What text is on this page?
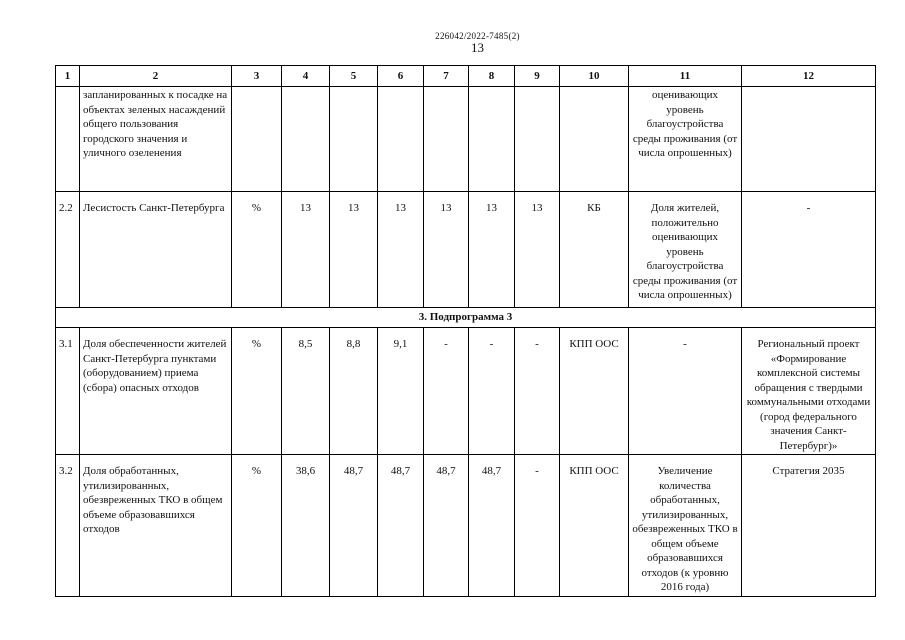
226042/2022-7485(2)
13
1	2	3	4	5	6	7	8	9	10	11	12
	запланированных к посадке на объектах зеленых насаждений общего пользования городского значения и уличного озеленения									оценивающих уровень благоустройства среды проживания (от числа опрошенных)	
2.2	Лесистость Санкт-Петербурга	%	13	13	13	13	13	13	КБ	Доля жителей, положительно оценивающих уровень благоустройства среды проживания (от числа опрошенных)	-
3. Подпрограмма 3											
3.1	Доля обеспеченности жителей Санкт-Петербурга пунктами (оборудованием) приема (сбора) опасных отходов	%	8,5	8,8	9,1	-	-	-	КПП ООС	-	Региональный проект «Формирование комплексной системы обращения с твердыми коммунальными отходами (город федерального значения Санкт-Петербург)»
3.2	Доля обработанных, утилизированных, обезвреженных ТКО в общем объеме образовавшихся отходов	%	38,6	48,7	48,7	48,7	48,7	-	КПП ООС	Увеличение количества обработанных, утилизированных, обезвреженных ТКО в общем объеме образовавшихся отходов (к уровню 2016 года)	Стратегия 2035
